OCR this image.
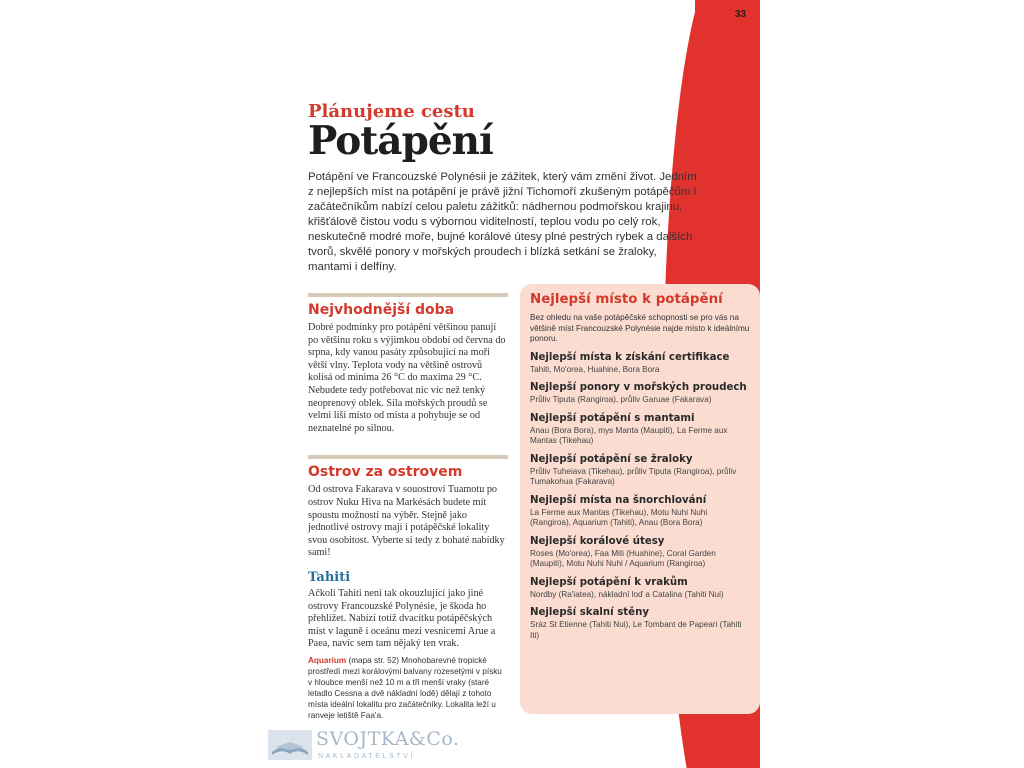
33
Plánujeme cestu
Potápění
Potápění ve Francouzské Polynésii je zážitek, který vám změní život. Jedním z nejlepších míst na potápění je právě jižní Tichomoří zkušeným potápěčům i začátečníkům nabízí celou paletu zážitků: nádhernou podmořskou krajinu, křišťálově čistou vodu s výbornou viditelností, teplou vodu po celý rok, neskutečně modré moře, bujné korálové útesy plné pestrých rybek a dalších tvorů, skvělé ponory v mořských proudech i blízká setkání se žraloky, mantami i delfíny.
Nejvhodnější doba
Dobré podmínky pro potápění většinou panují po většinu roku s výjimkou období od června do srpna, kdy vanou pasáty způsobující na moři větší vlny. Teplota vody na většině ostrovů kolísá od minima 26 °C do maxima 29 °C. Nebudete tedy potřebovat nic víc než tenký neoprenový oblek. Síla mořských proudů se velmi liší místo od místa a pohybuje se od neznatelné po silnou.
Ostrov za ostrovem
Od ostrova Fakarava v souostroví Tuamotu po ostrov Nuku Hiva na Markésách budete mít spoustu možností na výběr. Stejně jako jednotlivé ostrovy mají i potápěčské lokality svou osobitost. Vyberte si tedy z bohaté nabídky sami!
Tahiti
Ačkoli Tahiti není tak okouzlující jako jiné ostrovy Francouzské Polynésie, je škoda ho přehlížet. Nabízí totiž dvacítku potápěčských míst v laguně i oceánu mezi vesnicemi Arue a Paea, navíc sem tam nějaký ten vrak.
Aquarium (mapa str. 52) Mnohobarevné tropické prostředí mezi korálovými balvany rozesetými v písku v hloubce menší než 10 m a tři menší vraky (staré letadlo Cessna a dvě nákladní lodě) dělají z tohoto místa ideální lokalitu pro začátečníky. Lokalita leží u ranveje letiště Faa'a.
Nejlepší místo k potápění
Bez ohledu na vaše potápěčské schopnosti se pro vás na většině míst Francouzské Polynésie najde místo k ideálnímu ponoru.
Nejlepší místa k získání certifikace
Tahiti, Mo'orea, Huahine, Bora Bora
Nejlepší ponory v mořských proudech
Průliv Tiputa (Rangiroa), průliv Garuae (Fakarava)
Nejlepší potápění s mantami
Anau (Bora Bora), mys Manta (Maupiti), La Ferme aux Mantas (Tikehau)
Nejlepší potápění se žraloky
Průliv Tuheiava (Tikehau), průliv Tiputa (Rangiroa), průliv Tumakohua (Fakarava)
Nejlepší místa na šnorchlování
La Ferme aux Mantas (Tikehau), Motu Nuhi Nuhi (Rangiroa), Aquarium (Tahiti), Anau (Bora Bora)
Nejlepší korálové útesy
Roses (Mo'orea), Faa Miti (Huahine), Coral Garden (Maupiti), Motu Nuhi Nuhi / Aquarium (Rangiroa)
Nejlepší potápění k vrakům
Nordby (Ra'iatea), nákladní loď a Catalina (Tahiti Nui)
Nejlepší skalní stěny
Sráz St Etienne (Tahiti Nui), Le Tombant de Papeari (Tahiti Iti)
SVOJTKA&Co.
NAKLADATELSTVÍ
